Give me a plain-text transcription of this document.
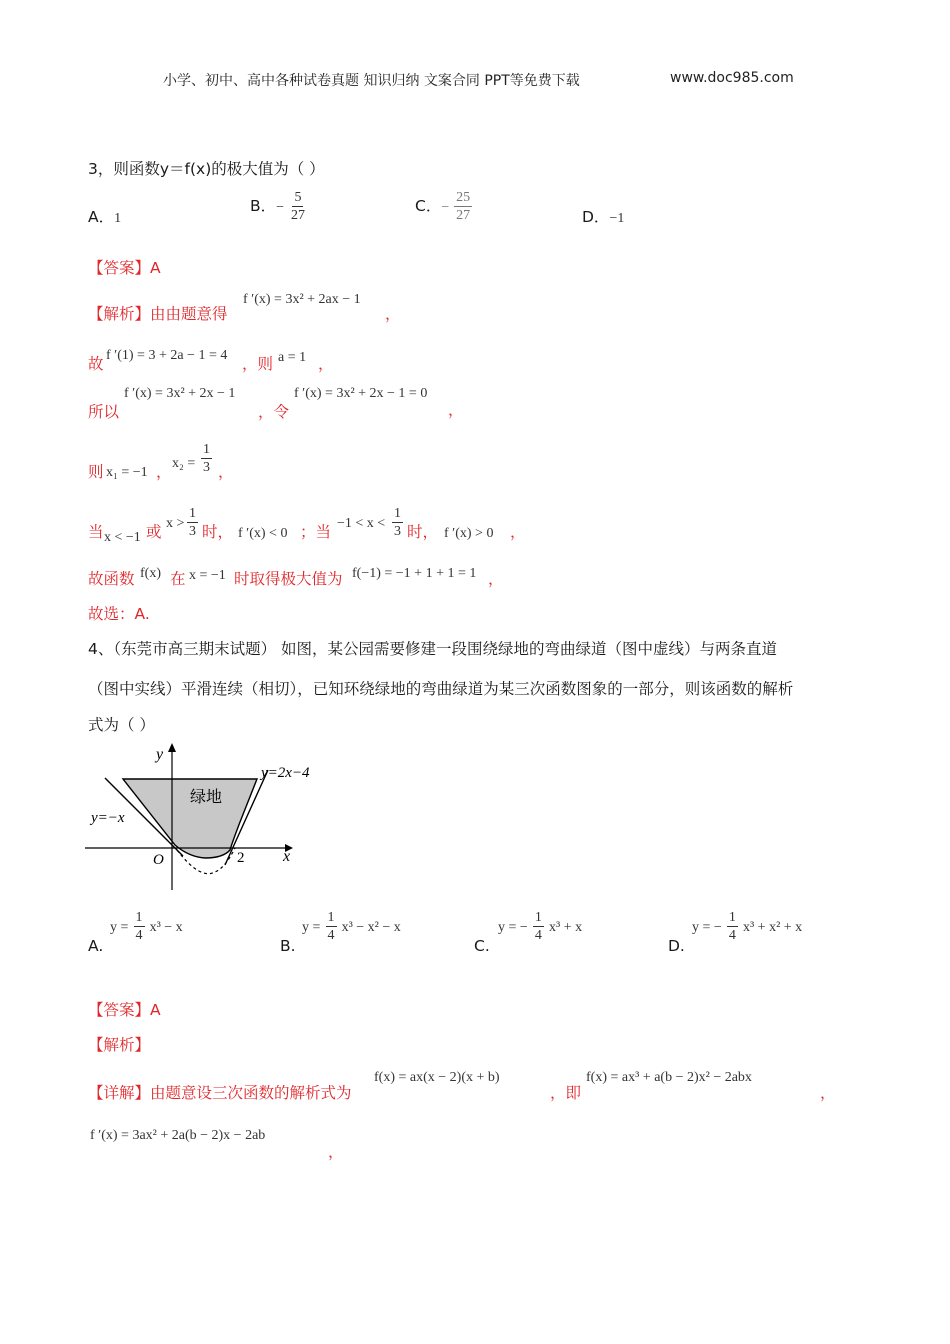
小学、初中、高中各种试卷真题 知识归纳 文案合同 PPT等免费下载	www.doc985.com
3，则函数y＝f(x)的极大值为（ ）
A．1
B．− $\frac{5}{27}$	C．− $\frac{25}{27}$	D．−1
【答案】A
【解析】由由题意得
f ′(x) = 3x² + 2ax − 1
，
故 f ′(1) = 3 + 2a − 1 = 4 ，则 a = 1 ，
所以
f ′(x) = 3x² + 2x − 1
，令
f ′(x) = 3x² + 2x − 1 = 0
，
则 x₁ = −1 ， $x_2 = \frac{1}{3}$ ，
当 x < −1 或 $x > \frac{1}{3}$ 时， f ′(x) < 0 ；当 $-1 < x < \frac{1}{3}$ 时， f ′(x) > 0 ，
故函数 f(x) 在 x = −1 时取得极大值为 f(−1) = −1 + 1 + 1 = 1 ，
故选：A.
4、（东莞市高三期末试题） 如图，某公园需要修建一段围绕绿地的弯曲绿道（图中虚线）与两条直道
（图中实线）平滑连续（相切），已知环绕绿地的弯曲绿道为某三次函数图象的一部分，则该函数的解析
式为（ ）
y
x
O	2
y=−x
y=2x−4
绿地
A.
$y = \frac{1}{4} x^3 - x$
B.
$y = \frac{1}{4} x^3 - x^2 - x$
C.
y = − $\frac{1}{4} x^3 + x$
D.
y = − $\frac{1}{4} x^3 + x^2 + x$
【答案】A
【解析】
【详解】由题意设三次函数的解析式为
f(x) = ax(x − 2)(x + b)
，即
f(x) = ax³ + a(b − 2)x² − 2abx
，
f ′(x) = 3ax² + 2a(b − 2)x − 2ab
，
